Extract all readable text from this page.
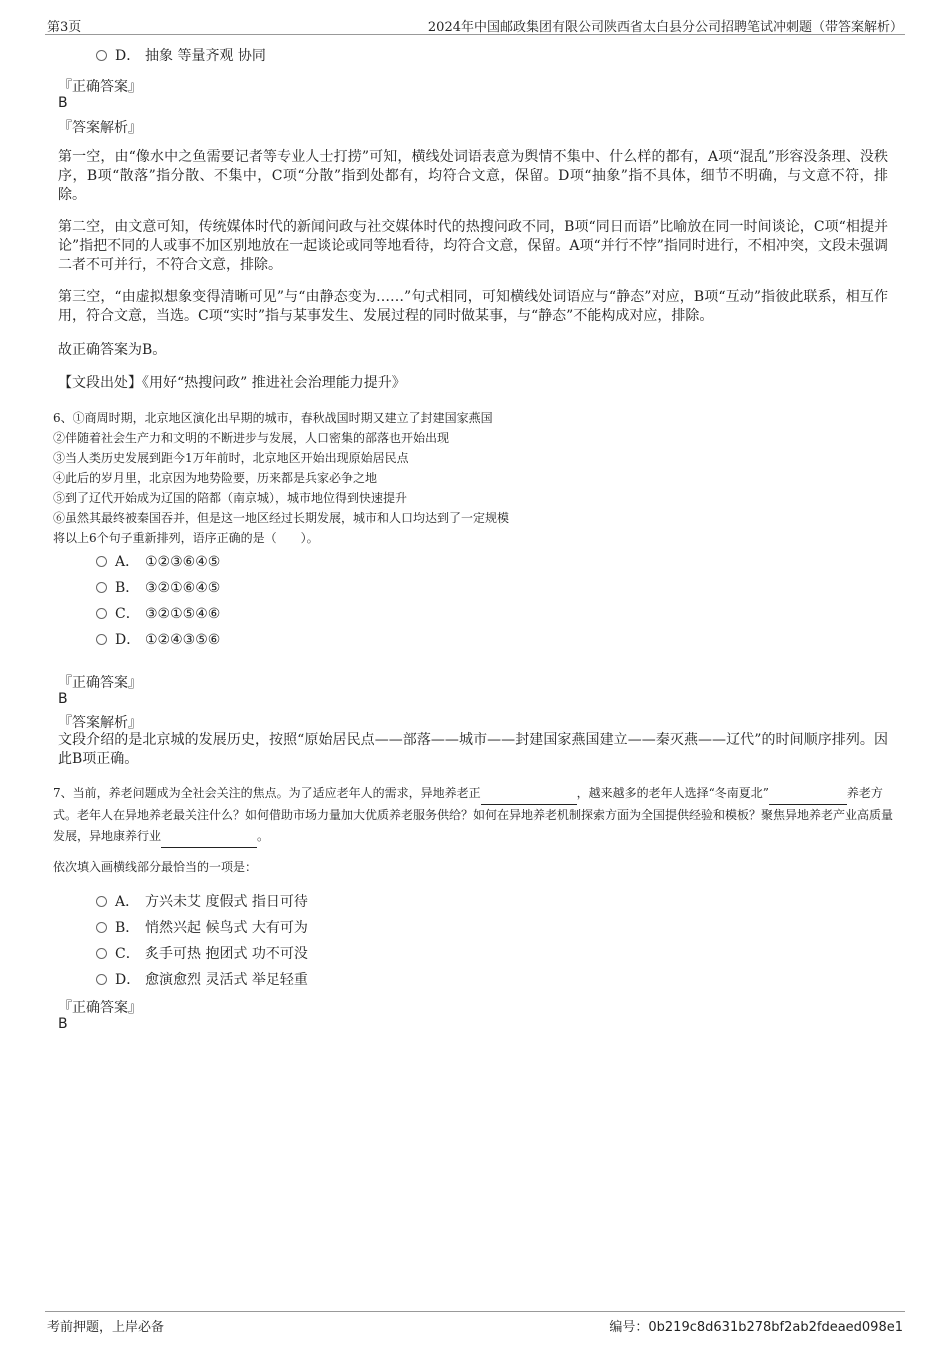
第3页	2024年中国邮政集团有限公司陕西省太白县分公司招聘笔试冲刺题（带答案解析）
D． 抽象 等量齐观 协同
『正确答案』
B
『答案解析』
第一空，由“像水中之鱼需要记者等专业人士打捞”可知，横线处词语表意为舆情不集中、什么样的都有，A项“混乱”形容没条理、没秩序，B项“散落”指分散、不集中，C项“分散”指到处都有，均符合文意，保留。D项“抽象”指不具体，细节不明确，与文意不符，排除。
第二空，由文意可知，传统媒体时代的新闻问政与社交媒体时代的热搜问政不同，B项“同日而语”比喻放在同一时间谈论，C项“相提并论”指把不同的人或事不加区别地放在一起谈论或同等地看待，均符合文意，保留。A项“并行不悖”指同时进行，不相冲突，文段未强调二者不可并行，不符合文意，排除。
第三空，“由虚拟想象变得清晰可见”与“由静态变为……”句式相同，可知横线处词语应与“静态”对应，B项“互动”指彼此联系，相互作用，符合文意，当选。C项“实时”指与某事发生、发展过程的同时做某事，与“静态”不能构成对应，排除。
故正确答案为B。
【文段出处】《用好“热搜问政” 推进社会治理能力提升》
6、①商周时期，北京地区演化出早期的城市，春秋战国时期又建立了封建国家燕国
②伴随着社会生产力和文明的不断进步与发展，人口密集的部落也开始出现
③当人类历史发展到距今1万年前时，北京地区开始出现原始居民点
④此后的岁月里，北京因为地势险要，历来都是兵家必争之地
⑤到了辽代开始成为辽国的陪都（南京城），城市地位得到快速提升
⑥虽然其最终被秦国吞并，但是这一地区经过长期发展，城市和人口均达到了一定规模
将以上6个句子重新排列，语序正确的是（　　）。
A． ①②③⑥④⑤
B． ③②①⑥④⑤
C． ③②①⑤④⑥
D． ①②④③⑤⑥
『正确答案』
B
『答案解析』
文段介绍的是北京城的发展历史，按照“原始居民点——部落——城市——封建国家燕国建立——秦灭燕——辽代”的时间顺序排列。因此B项正确。
7、当前，养老问题成为全社会关注的焦点。为了适应老年人的需求，异地养老正	，越来越多的老年人选择“冬南夏北”	养老方式。老年人在异地养老最关注什么？如何借助市场力量加大优质养老服务供给？如何在异地养老机制探索方面为全国提供经验和模板？聚焦异地养老产业高质量发展，异地康养行业	。
依次填入画横线部分最恰当的一项是：
A． 方兴未艾 度假式 指日可待
B． 悄然兴起 候鸟式 大有可为
C． 炙手可热 抱团式 功不可没
D． 愈演愈烈 灵活式 举足轻重
『正确答案』
B
考前押题，上岸必备	编号：0b219c8d631b278bf2ab2fdeaed098e1
